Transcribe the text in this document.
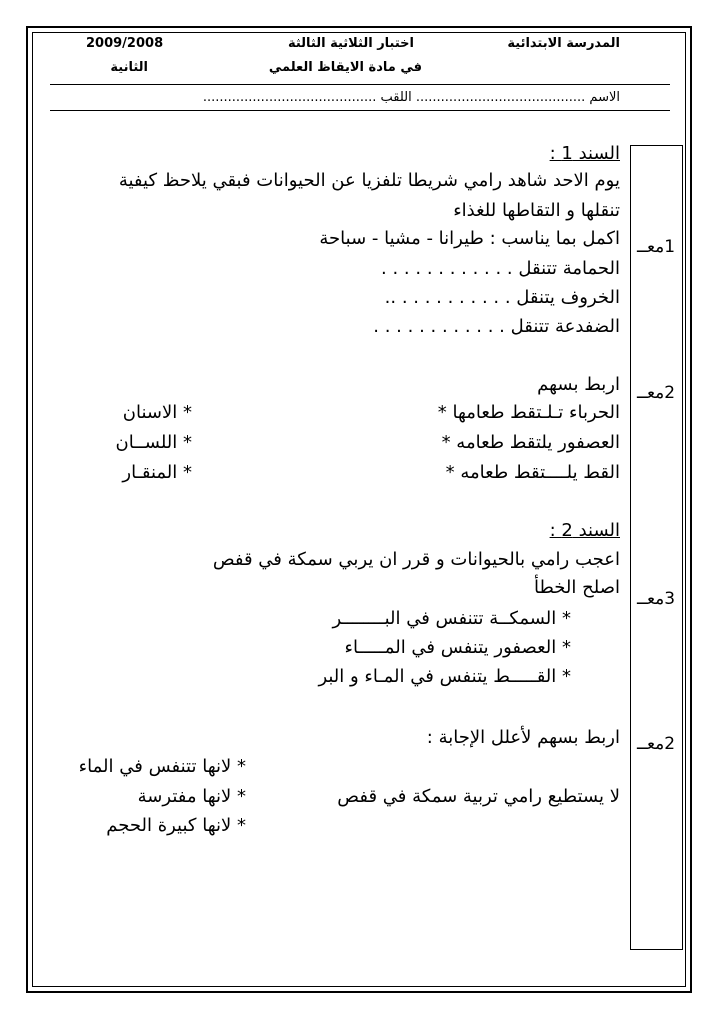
المدرسة الابتدائية
اختبار الثلاثية الثالثة
في مادة الايقاظ العلمي
2009/2008
الثانية
الاسم ......................................... اللقب ..........................................
1معــ
2معــ
3معــ
2معــ
السند 1 :
يوم الاحد شاهد رامي شريطا تلفزيا عن الحيوانات فبقي يلاحظ كيفية
تنقلها و التقاطها للغذاء
اكمل بما يناسب : طيرانا - مشيا - سباحة
الحمامة تتنقل . . . . . . . . . . . .
الخروف يتنقل . . . . . . . . . . ..
الضفدعة تتنقل . . . . . . . . . . . .
اربط بسهم
الحرباء تـلـتقط طعامها *
العصفور يلتقط طعامه *
القط يلــــتقط طعامه *
* الاسنان
* اللســان
* المنقـار
السند 2 :
اعجب رامي بالحيوانات و قرر ان يربي سمكة في قفص
اصلح الخطأ
* السمكــة تتنفس في البــــــــر
* العصفور يتنفس في المـــــاء
* القـــــط يتنفس في المـاء و البر
اربط بسهم لأعلل الإجابة :
* لانها تتنفس في الماء
لا يستطيع رامي تربية سمكة في قفص
* لانها مفترسة
* لانها كبيرة الحجم
